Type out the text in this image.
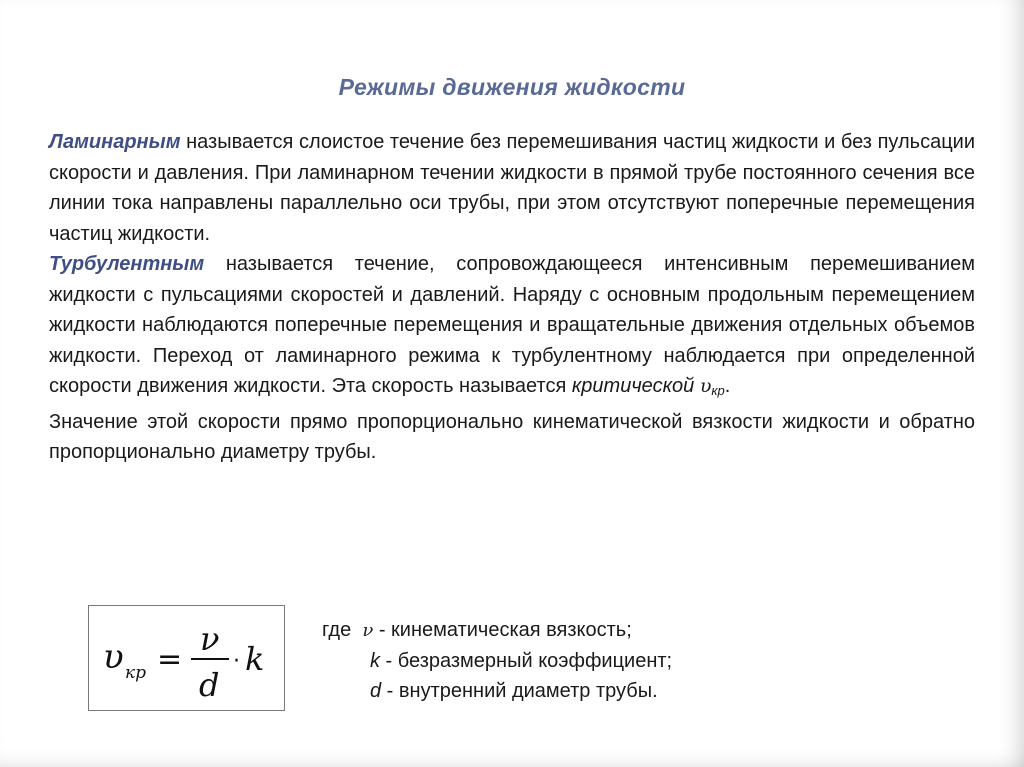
Режимы движения жидкости

Ламинарным называется слоистое течение без перемешивания частиц жидкости и без пульсации скорости и давления. При ламинарном течении жидкости в прямой трубе постоянного сечения все линии тока направлены параллельно оси трубы, при этом отсутствуют поперечные перемещения частиц жидкости.

Турбулентным называется течение, сопровождающееся интенсивным перемешиванием жидкости с пульсациями скоростей и давлений. Наряду с основным продольным перемещением жидкости наблюдаются поперечные перемещения и вращательные движения отдельных объемов жидкости. Переход от ламинарного режима к турбулентному наблюдается при определенной скорости движения жидкости. Эта скорость называется критической $\upsilon_{кр}$.

Значение этой скорости прямо пропорционально кинематической вязкости жидкости и обратно пропорционально диаметру трубы.

υ кр =
ν
d
· k
где ν - кинематическая вязкость;
k - безразмерный коэффициент;
d - внутренний диаметр трубы.
